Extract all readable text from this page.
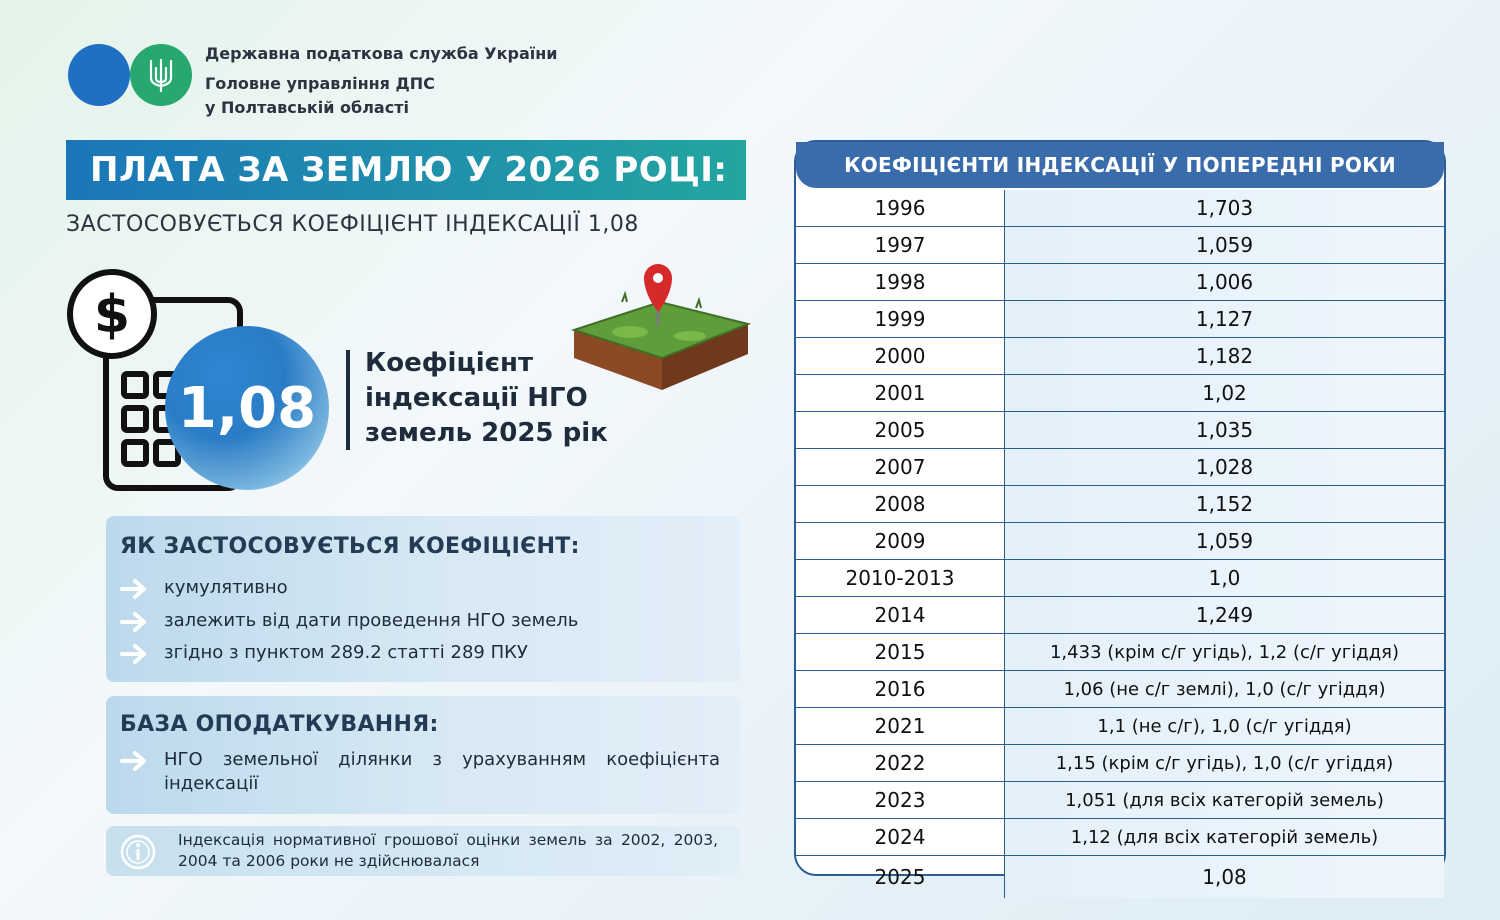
Державна податкова служба України
Головне управління ДПС
у Полтавській області
ПЛАТА ЗА ЗЕМЛЮ У 2026 РОЦІ:
ЗАСТОСОВУЄТЬСЯ КОЕФІЦІЄНТ ІНДЕКСАЦІЇ 1,08
$
1,08
Коефіцієнт
індексації НГО
земель 2025 рік
ЯК ЗАСТОСОВУЄТЬСЯ КОЕФІЦІЄНТ:
кумулятивно
залежить від дати проведення НГО земель
згідно з пунктом 289.2 статті 289 ПКУ
БАЗА ОПОДАТКУВАННЯ:
НГО земельної ділянки з урахуванням коефіцієнта індексації
Індексація нормативної грошової оцінки земель за 2002, 2003, 2004 та 2006 роки не здійснювалася
КОЕФІЦІЄНТИ ІНДЕКСАЦІЇ У ПОПЕРЕДНІ РОКИ
1996	1,703
1997	1,059
1998	1,006
1999	1,127
2000	1,182
2001	1,02
2005	1,035
2007	1,028
2008	1,152
2009	1,059
2010-2013	1,0
2014	1,249
2015	1,433 (крім с/г угідь), 1,2 (с/г угіддя)
2016	1,06 (не с/г землі), 1,0 (с/г угіддя)
2021	1,1 (не с/г), 1,0 (с/г угіддя)
2022	1,15 (крім с/г угідь), 1,0 (с/г угіддя)
2023	1,051 (для всіх категорій земель)
2024	1,12 (для всіх категорій земель)
2025	1,08
